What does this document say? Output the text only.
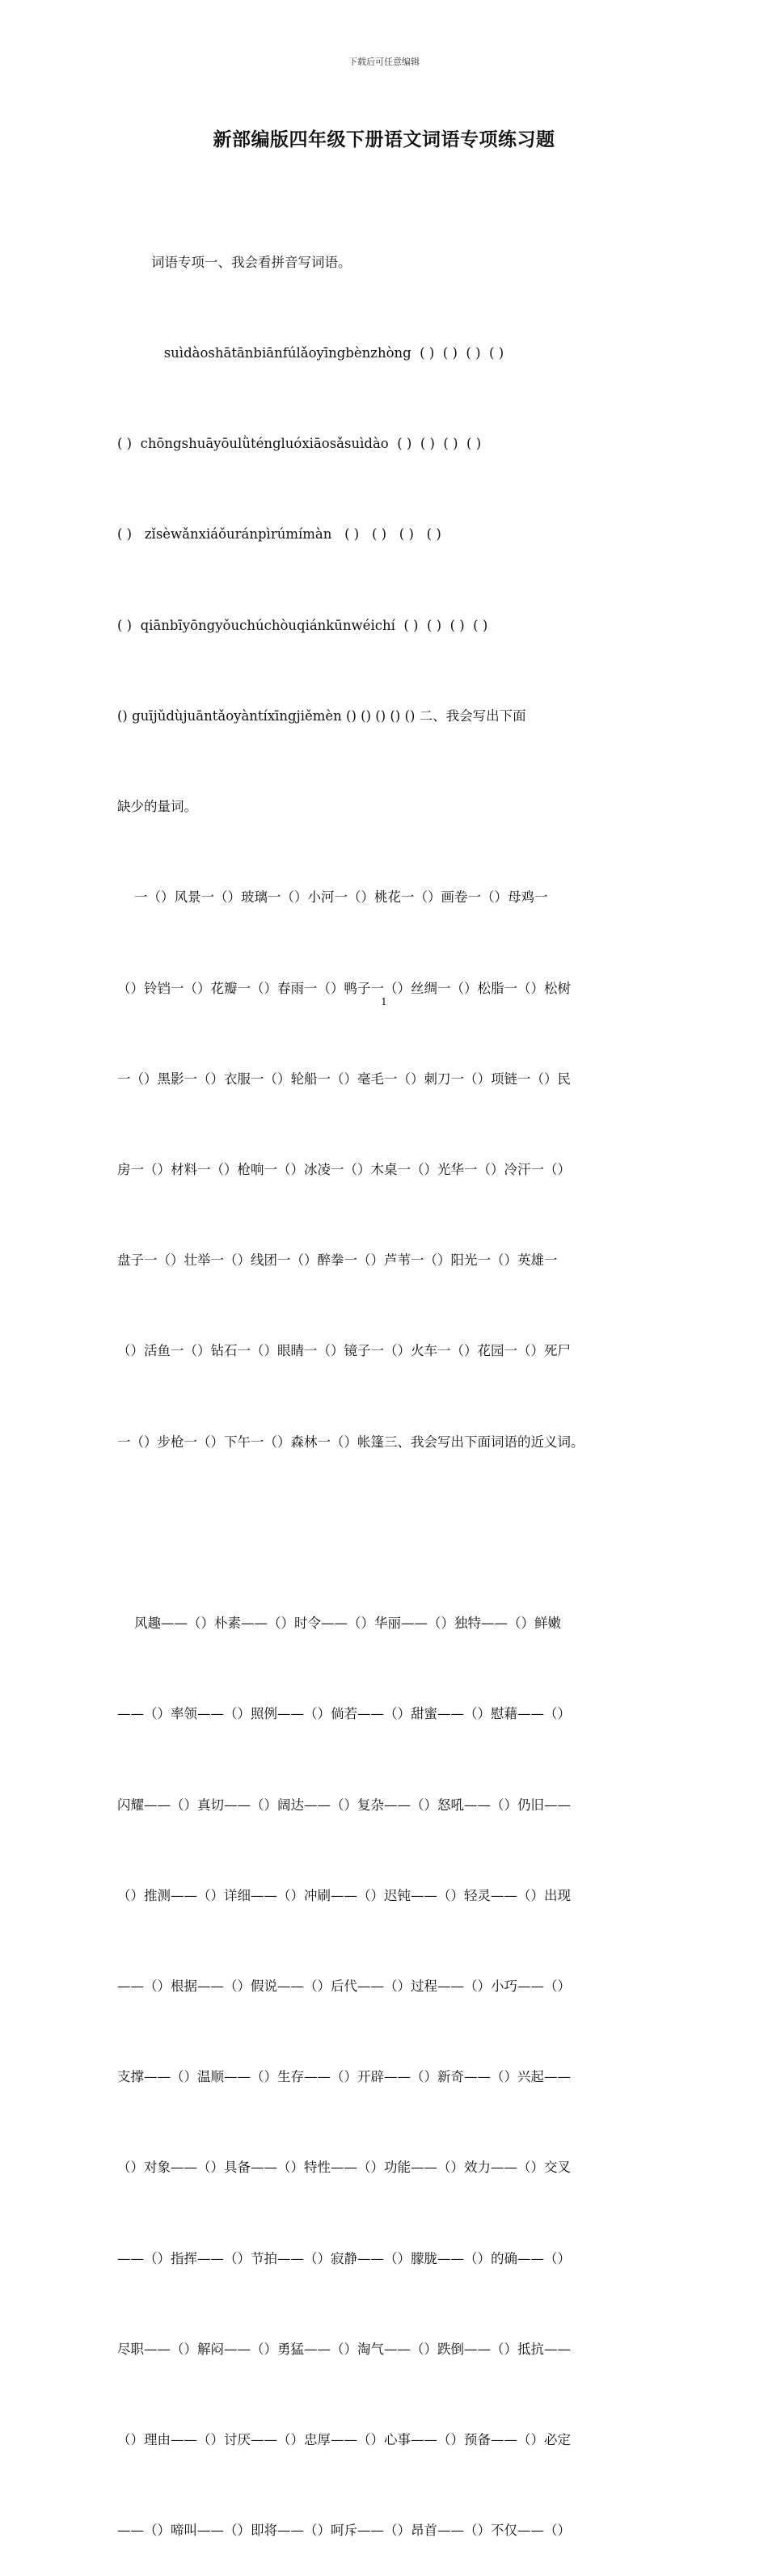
下载后可任意编辑
新部编版四年级下册语文词语专项练习题

词语专项一、我会看拼音写词语。

suìdàoshātānbiānfúlǎoyīngbènzhòng  ( )  ( )  ( )  ( )

( )  chōngshuāyōulǜténgluóxiāosǎsuìdào  ( )  ( )  ( )  ( )

( )   zǐsèwǎnxiáǒuránpìrúmímàn   ( )   ( )   ( )   ( )

( )  qiānbīyōngyǒuchúchòuqiánkūnwéichí  ( )  ( )  ( )  ( )

() guījǔdùjuāntǎoyàntíxīngjiěmèn () () () () () 二、我会写出下面

缺少的量词。

一（）风景一（）玻璃一（）小河一（）桃花一（）画卷一（）母鸡一

（）铃铛一（）花瓣一（）春雨一（）鸭子一（）丝绸一（）松脂一（）松树

一（）黑影一（）衣服一（）轮船一（）毫毛一（）刺刀一（）项链一（）民

房一（）材料一（）枪响一（）冰凌一（）木桌一（）光华一（）冷汗一（）

盘子一（）壮举一（）线团一（）醉拳一（）芦苇一（）阳光一（）英雄一

（）活鱼一（）钻石一（）眼睛一（）镜子一（）火车一（）花园一（）死尸

一（）步枪一（）下午一（）森林一（）帐篷三、我会写出下面词语的近义词。

风趣——（）朴素——（）时令——（）华丽——（）独特——（）鲜嫩

——（）率领——（）照例——（）倘若——（）甜蜜——（）慰藉——（）

闪耀——（）真切——（）阔达——（）复杂——（）怒吼——（）仍旧——

（）推测——（）详细——（）冲刷——（）迟钝——（）轻灵——（）出现

——（）根据——（）假说——（）后代——（）过程——（）小巧——（）

支撑——（）温顺——（）生存——（）开辟——（）新奇——（）兴起——

（）对象——（）具备——（）特性——（）功能——（）效力——（）交叉

——（）指挥——（）节拍——（）寂静——（）朦胧——（）的确——（）

尽职——（）解闷——（）勇猛——（）淘气——（）跌倒——（）抵抗——

（）理由——（）讨厌——（）忠厚——（）心事——（）预备——（）必定

——（）啼叫——（）即将——（）呵斥——（）昂首——（）不仅——（）

1
